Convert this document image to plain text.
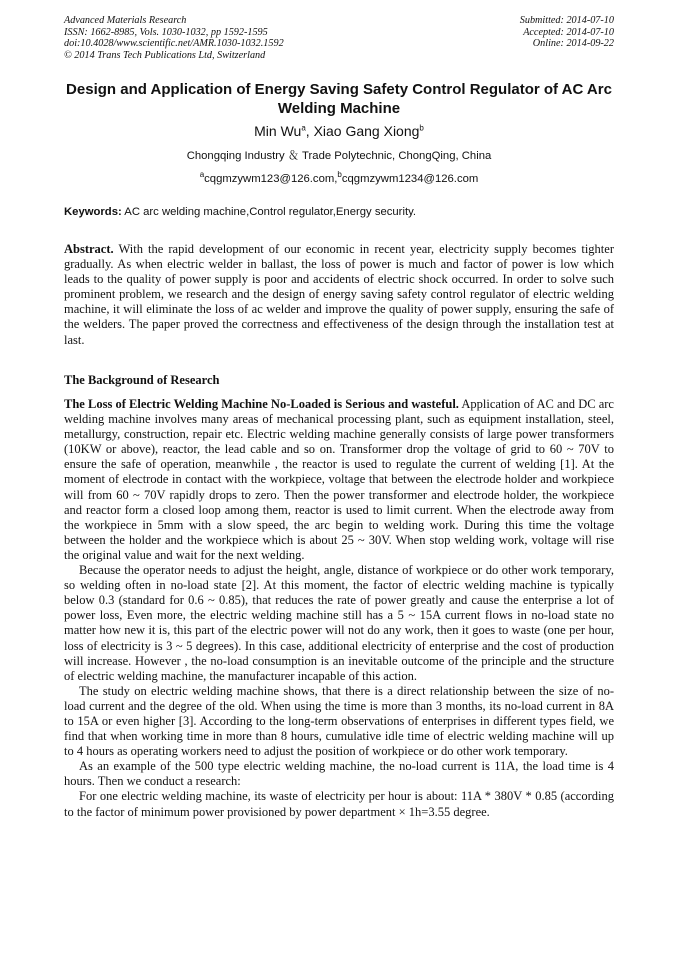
Advanced Materials Research
ISSN: 1662-8985, Vols. 1030-1032, pp 1592-1595
doi:10.4028/www.scientific.net/AMR.1030-1032.1592
© 2014 Trans Tech Publications Ltd, Switzerland
Submitted: 2014-07-10
Accepted: 2014-07-10
Online: 2014-09-22
Design and Application of Energy Saving Safety Control Regulator of AC Arc Welding Machine
Min Wu$^a$, Xiao Gang Xiong$^b$
Chongqing Industry ＆ Trade Polytechnic, ChongQing, China
$^a$cqgmzywm123@126.com,$^b$cqgmzywm1234@126.com
Keywords: AC arc welding machine,Control regulator,Energy security.
Abstract. With the rapid development of our economic in recent year, electricity supply becomes tighter gradually. As when electric welder in ballast, the loss of power is much and factor of power is low which leads to the quality of power supply is poor and accidents of electric shock occurred. In order to solve such prominent problem, we research and the design of energy saving safety control regulator of electric welding machine, it will eliminate the loss of ac welder and improve the quality of power supply, ensuring the safe of the welders. The paper proved the correctness and effectiveness of the design through the installation test at last.
The Background of Research

The Loss of Electric Welding Machine No-Loaded is Serious and wasteful. Application of AC and DC arc welding machine involves many areas of mechanical processing plant, such as equipment installation, steel, metallurgy, construction, repair etc. Electric welding machine generally consists of large power transformers (10KW or above), reactor, the lead cable and so on. Transformer drop the voltage of grid to 60 ~ 70V to ensure the safe of operation, meanwhile , the reactor is used to regulate the current of welding [1]. At the moment of electrode in contact with the workpiece, voltage that between the electrode holder and workpiece will from 60 ~ 70V rapidly drops to zero. Then the power transformer and electrode holder, the workpiece and reactor form a closed loop among them, reactor is used to limit current. When the electrode away from the workpiece in 5mm with a slow speed, the arc begin to welding work. During this time the voltage between the holder and the workpiece which is about 25 ~ 30V. When stop welding work, voltage will rise the original value and wait for the next welding.

Because the operator needs to adjust the height, angle, distance of workpiece or do other work temporary, so welding often in no-load state [2]. At this moment, the factor of electric welding machine is typically below 0.3 (standard for 0.6 ~ 0.85), that reduces the rate of power greatly and cause the enterprise a lot of power loss, Even more, the electric welding machine still has a 5 ~ 15A current flows in no-load state no matter how new it is, this part of the electric power will not do any work, then it goes to waste (one per hour, loss of electricity is 3 ~ 5 degrees). In this case, additional electricity of enterprise and the cost of production will increase. However , the no-load consumption is an inevitable outcome of the principle and the structure of electric welding machine, the manufacturer incapable of this action.

The study on electric welding machine shows, that there is a direct relationship between the size of no-load current and the degree of the old. When using the time is more than 3 months, its no-load current in 8A to 15A or even higher [3]. According to the long-term observations of enterprises in different types field, we find that when working time in more than 8 hours, cumulative idle time of electric welding machine will up to 4 hours as operating workers need to adjust the position of workpiece or do other work temporary.

As an example of the 500 type electric welding machine, the no-load current is 11A, the load time is 4 hours. Then we conduct a research:

For one electric welding machine, its waste of electricity per hour is about: 11A * 380V * 0.85 (according to the factor of minimum power provisioned by power department × 1h=3.55 degree.
